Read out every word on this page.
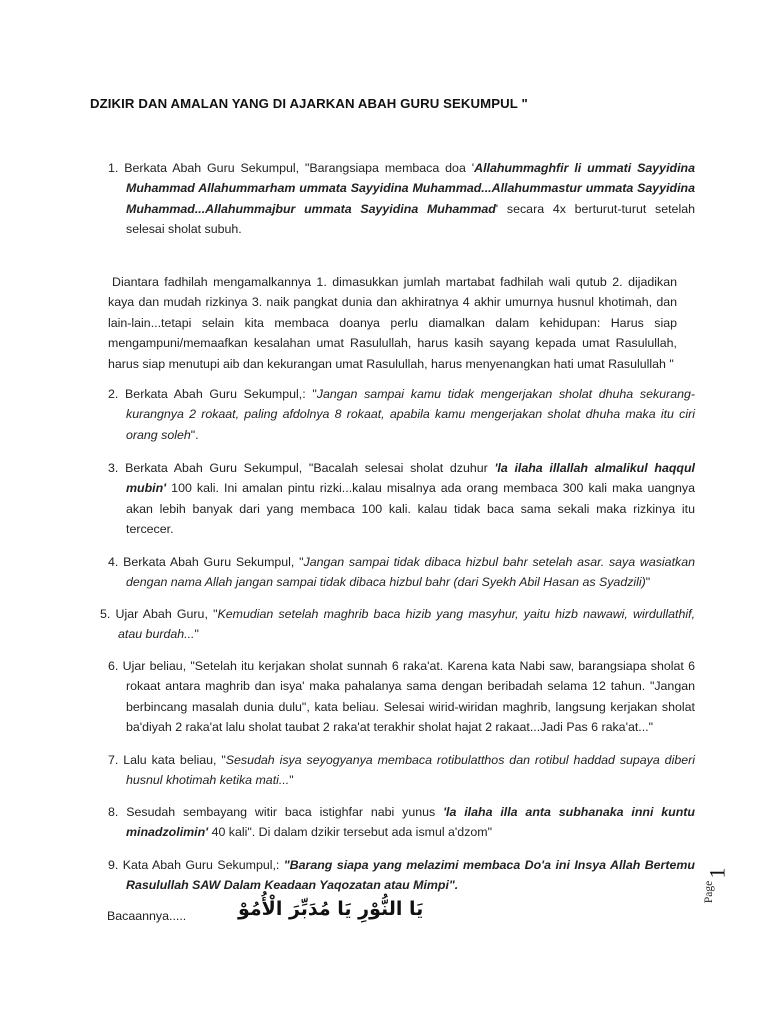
DZIKIR DAN AMALAN YANG DI AJARKAN ABAH GURU SEKUMPUL "
1. Berkata Abah Guru Sekumpul, "Barangsiapa membaca doa 'Allahummaghfir li ummati Sayyidina Muhammad Allahummarham ummata Sayyidina Muhammad...Allahummastur ummata Sayyidina Muhammad...Allahummajbur ummata Sayyidina Muhammad' secara 4x berturut-turut setelah selesai sholat subuh.
Diantara fadhilah mengamalkannya 1. dimasukkan jumlah martabat fadhilah wali qutub 2. dijadikan kaya dan mudah rizkinya 3. naik pangkat dunia dan akhiratnya 4 akhir umurnya husnul khotimah, dan lain-lain...tetapi selain kita membaca doanya perlu diamalkan dalam kehidupan: Harus siap mengampuni/memaafkan kesalahan umat Rasulullah, harus kasih sayang kepada umat Rasulullah, harus siap menutupi aib dan kekurangan umat Rasulullah, harus menyenangkan hati umat Rasulullah "
2. Berkata Abah Guru Sekumpul,: "Jangan sampai kamu tidak mengerjakan sholat dhuha sekurang-kurangnya 2 rokaat, paling afdolnya 8 rokaat, apabila kamu mengerjakan sholat dhuha maka itu ciri orang soleh".
3. Berkata Abah Guru Sekumpul, "Bacalah selesai sholat dzuhur 'la ilaha illallah almalikul haqqul mubin' 100 kali. Ini amalan pintu rizki...kalau misalnya ada orang membaca 300 kali maka uangnya akan lebih banyak dari yang membaca 100 kali. kalau tidak baca sama sekali maka rizkinya itu tercecer.
4. Berkata Abah Guru Sekumpul, "Jangan sampai tidak dibaca hizbul bahr setelah asar. saya wasiatkan dengan nama Allah jangan sampai tidak dibaca hizbul bahr (dari Syekh Abil Hasan as Syadzili)"
5. Ujar Abah Guru, "Kemudian setelah maghrib baca hizib yang masyhur, yaitu hizb nawawi, wirdullathif, atau burdah..."
6. Ujar beliau, "Setelah itu kerjakan sholat sunnah 6 raka'at. Karena kata Nabi saw, barangsiapa sholat 6 rokaat antara maghrib dan isya' maka pahalanya sama dengan beribadah selama 12 tahun. "Jangan berbincang masalah dunia dulu", kata beliau. Selesai wirid-wiridan maghrib, langsung kerjakan sholat ba'diyah 2 raka'at lalu sholat taubat 2 raka'at terakhir sholat hajat 2 rakaat...Jadi Pas 6 raka'at..."
7. Lalu kata beliau, "Sesudah isya seyogyanya membaca rotibulatthos dan rotibul haddad supaya diberi husnul khotimah ketika mati..."
8. Sesudah sembayang witir baca istighfar nabi yunus 'la ilaha illa anta subhanaka inni kuntu minadzolimin' 40 kali". Di dalam dzikir tersebut ada ismul a'dzom"
9. Kata Abah Guru Sekumpul,: "Barang siapa yang melazimi membaca Do'a ini Insya Allah Bertemu Rasulullah SAW Dalam Keadaan Yaqozatan atau Mimpi".
Bacaannya.....	يَا النُّوْرِ يَا مُدَبِّرَ الْأُمُوْ
Page
1
